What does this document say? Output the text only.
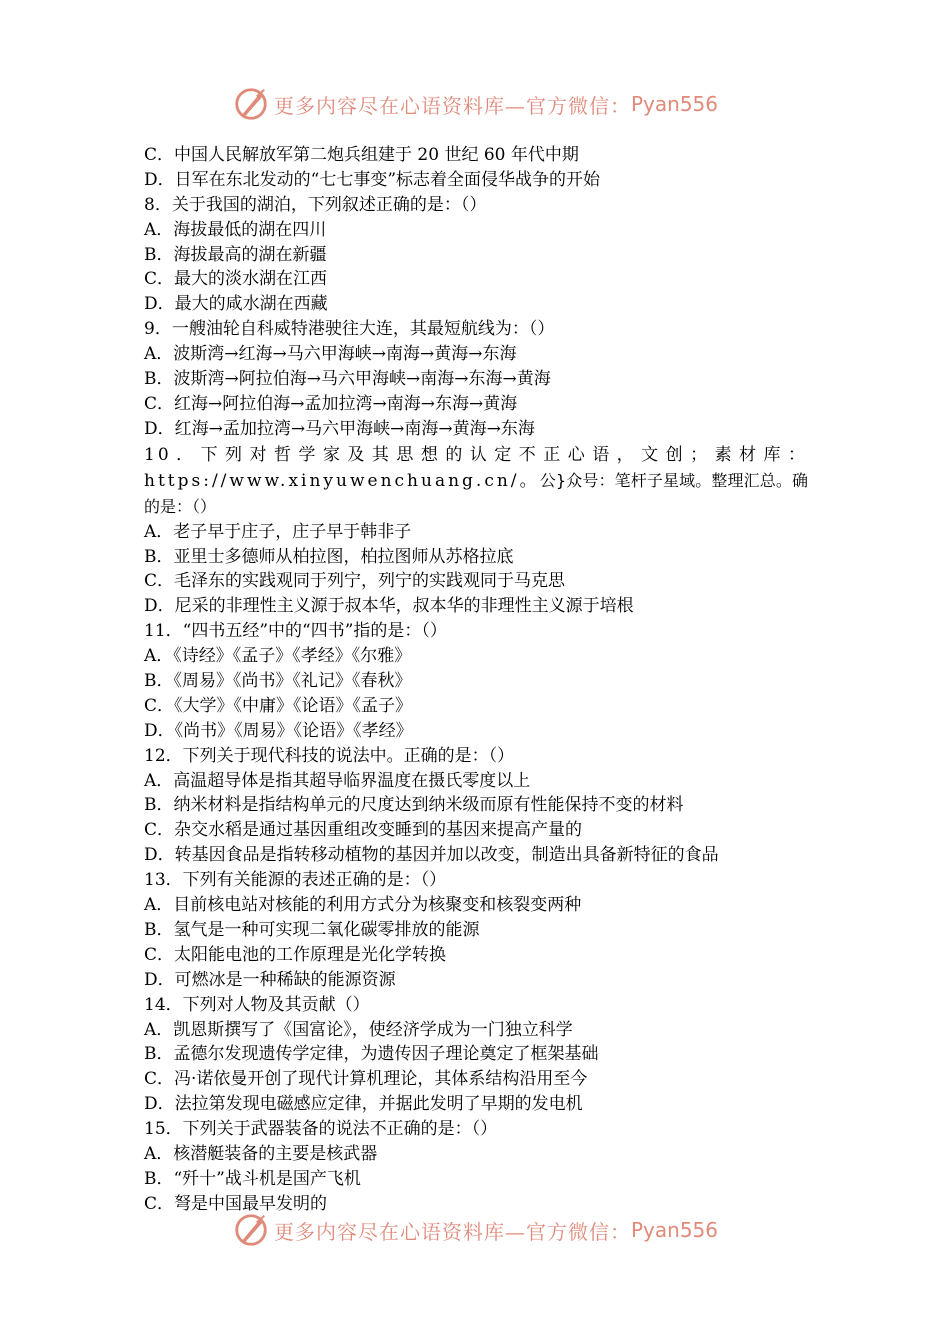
更多内容尽在心语资料库—官方微信： Pyan556
C．中国人民解放军第二炮兵组建于 20 世纪 60 年代中期
D．日军在东北发动的“七七事变”标志着全面侵华战争的开始
8．关于我国的湖泊，下列叙述正确的是：（）
A．海拔最低的湖在四川
B．海拔最高的湖在新疆
C．最大的淡水湖在江西
D．最大的咸水湖在西藏
9．一艘油轮自科威特港驶往大连，其最短航线为：（）
A．波斯湾→红海→马六甲海峡→南海→黄海→东海
B．波斯湾→阿拉伯海→马六甲海峡→南海→东海→黄海
C．红海→阿拉伯海→孟加拉湾→南海→东海→黄海
D．红海→孟加拉湾→马六甲海峡→南海→黄海→东海
10．下列对哲学家及其思想的认定不正心语，文创；素材库：https://www.xinyuwenchuang.cn/。公}众号：笔杆子星域。整理汇总。确的是：（）
A．老子早于庄子，庄子早于韩非子
B．亚里士多德师从柏拉图，柏拉图师从苏格拉底
C．毛泽东的实践观同于列宁，列宁的实践观同于马克思
D．尼采的非理性主义源于叔本华，叔本华的非理性主义源于培根
11．“四书五经”中的“四书”指的是：（）
A．《诗经》《孟子》《孝经》《尔雅》
B．《周易》《尚书》《礼记》《春秋》
C．《大学》《中庸》《论语》《孟子》
D．《尚书》《周易》《论语》《孝经》
12．下列关于现代科技的说法中。正确的是：（）
A．高温超导体是指其超导临界温度在摄氏零度以上
B．纳米材料是指结构单元的尺度达到纳米级而原有性能保持不变的材料
C．杂交水稻是通过基因重组改变睡到的基因来提高产量的
D．转基因食品是指转移动植物的基因并加以改变，制造出具备新特征的食品
13．下列有关能源的表述正确的是：（）
A．目前核电站对核能的利用方式分为核聚变和核裂变两种
B．氢气是一种可实现二氧化碳零排放的能源
C．太阳能电池的工作原理是光化学转换
D．可燃冰是一种稀缺的能源资源
14．下列对人物及其贡献（）
A．凯恩斯撰写了《国富论》，使经济学成为一门独立科学
B．孟德尔发现遗传学定律，为遗传因子理论奠定了框架基础
C．冯·诺依曼开创了现代计算机理论，其体系结构沿用至今
D．法拉第发现电磁感应定律，并据此发明了早期的发电机
15．下列关于武器装备的说法不正确的是：（）
A．核潜艇装备的主要是核武器
B．“歼十”战斗机是国产飞机
C．弩是中国最早发明的
更多内容尽在心语资料库—官方微信： Pyan556
